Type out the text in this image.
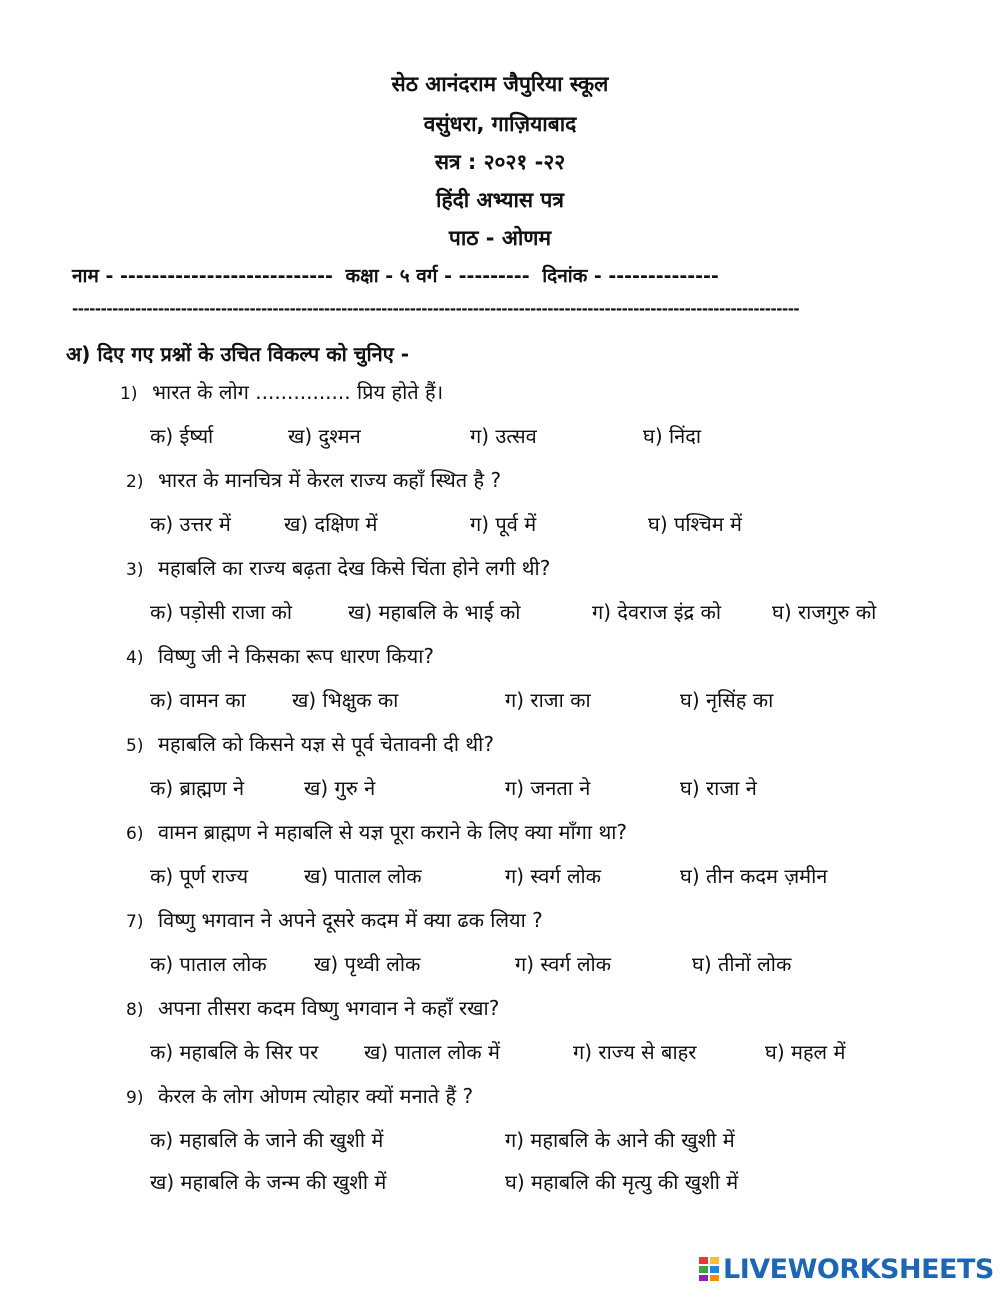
सेठ आनंदराम जैपुरिया स्कूल
वसुंधरा, गाज़ियाबाद
सत्र : २०२१ -२२
हिंदी अभ्यास पत्र
पाठ - ओणम
नाम - --------------------------- कक्षा - ५ वर्ग - --------- दिनांक - --------------
-------------------------------------------------------------------------------------------------------------------------------
अ) दिए गए प्रश्नों के उचित विकल्प को चुनिए -
1) भारत के लोग ............... प्रिय होते हैं।
क) ईर्ष्या	ख) दुश्मन	ग) उत्सव	घ) निंदा
2) भारत के मानचित्र में केरल राज्य कहाँ स्थित है ?
क) उत्तर में	ख) दक्षिण में	ग) पूर्व में	घ) पश्चिम में
3) महाबलि का राज्य बढ़ता देख किसे चिंता होने लगी थी?
क) पड़ोसी राजा को	ख) महाबलि के भाई को	ग) देवराज इंद्र को	घ) राजगुरु को
4) विष्णु जी ने किसका रूप धारण किया?
क) वामन का ख) भिक्षुक का	ग) राजा का	घ) नृसिंह का
5) महाबलि को किसने यज्ञ से पूर्व चेतावनी दी थी?
क) ब्राह्मण ने	ख) गुरु ने	ग) जनता ने	घ) राजा ने
6) वामन ब्राह्मण ने महाबलि से यज्ञ पूरा कराने के लिए क्या माँगा था?
क) पूर्ण राज्य	ख) पाताल लोक	ग) स्वर्ग लोक	घ) तीन कदम ज़मीन
7) विष्णु भगवान ने अपने दूसरे कदम में क्या ढक लिया ?
क) पाताल लोक ख) पृथ्वी लोक	ग) स्वर्ग लोक	घ) तीनों लोक
8) अपना तीसरा कदम विष्णु भगवान ने कहाँ रखा?
क) महाबलि के सिर पर ख) पाताल लोक में	ग) राज्य से बाहर	घ) महल में
9) केरल के लोग ओणम त्योहार क्यों मनाते हैं ?
क) महाबलि के जाने की खुशी में	ग) महाबलि के आने की खुशी में
ख) महाबलि के जन्म की खुशी में	घ) महाबलि की मृत्यु की खुशी में
LIVEWORKSHEETS
